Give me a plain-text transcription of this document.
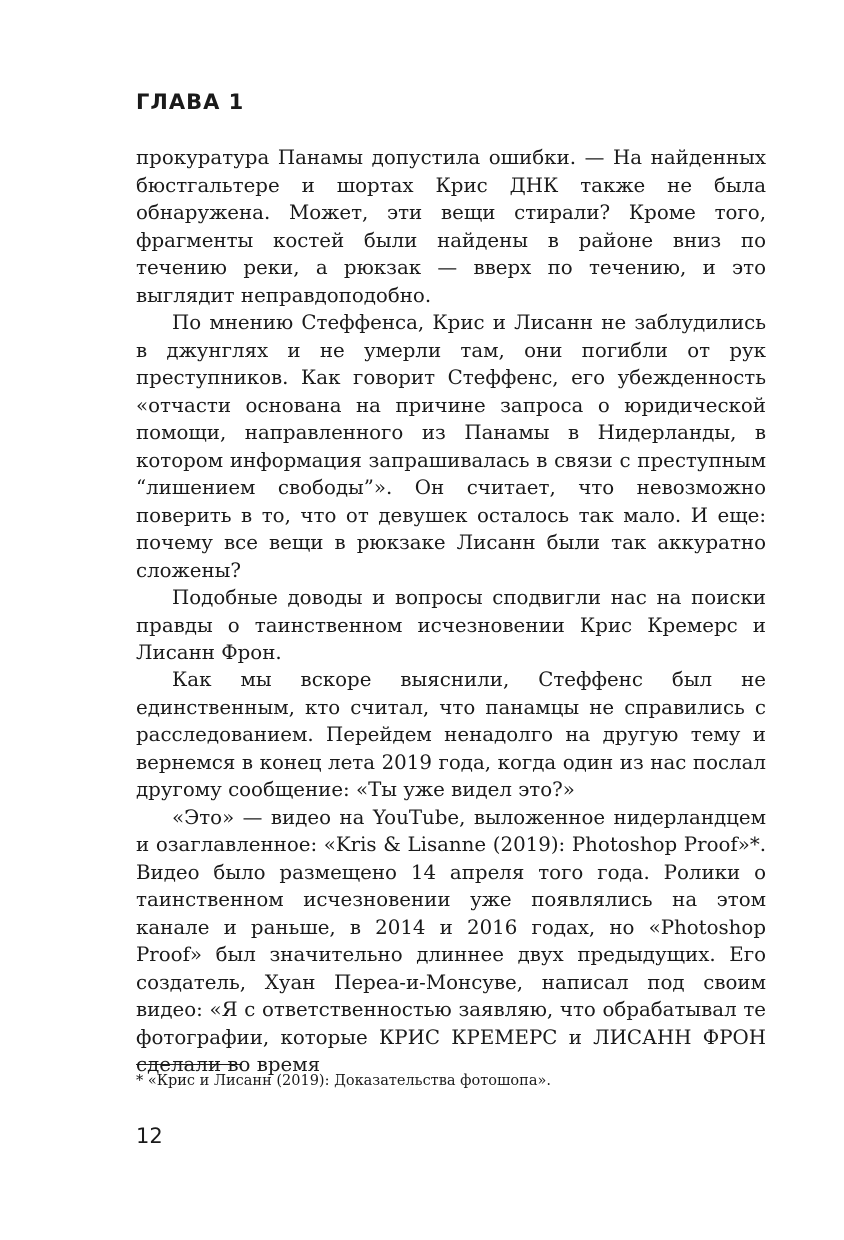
ГЛАВА 1

прокуратура Панамы допустила ошибки. — На найденных бюстгальтере и шортах Крис ДНК также не была обнаружена. Может, эти вещи стирали? Кроме того, фрагменты костей были найдены в районе вниз по течению реки, а рюкзак — вверх по течению, и это выглядит неправдоподобно.

По мнению Стеффенса, Крис и Лисанн не заблудились в джунглях и не умерли там, они погибли от рук преступников. Как говорит Стеффенс, его убежденность «отчасти основана на причине запроса о юридической помощи, направленного из Панамы в Нидерланды, в котором информация запрашивалась в связи с преступным “лишением свободы”». Он считает, что невозможно поверить в то, что от девушек осталось так мало. И еще: почему все вещи в рюкзаке Лисанн были так аккуратно сложены?

Подобные доводы и вопросы сподвигли нас на поиски правды о таинственном исчезновении Крис Кремерс и Лисанн Фрон.

Как мы вскоре выяснили, Стеффенс был не единственным, кто считал, что панамцы не справились с расследованием. Перейдем ненадолго на другую тему и вернемся в конец лета 2019 года, когда один из нас послал другому сообщение: «Ты уже видел это?»

«Это» — видео на YouTube, выложенное нидерландцем и озаглавленное: «Kris & Lisanne (2019): Photoshop Proof»*. Видео было размещено 14 апреля того года. Ролики о таинственном исчезновении уже появлялись на этом канале и раньше, в 2014 и 2016 годах, но «Photoshop Proof» был значительно длиннее двух предыдущих. Его создатель, Хуан Переа-и-Монсуве, написал под своим видео: «Я с ответственностью заявляю, что обрабатывал те фотографии, которые КРИС КРЕМЕРС и ЛИСАНН ФРОН сделали во время

* «Крис и Лисанн (2019): Доказательства фотошопа».

12
